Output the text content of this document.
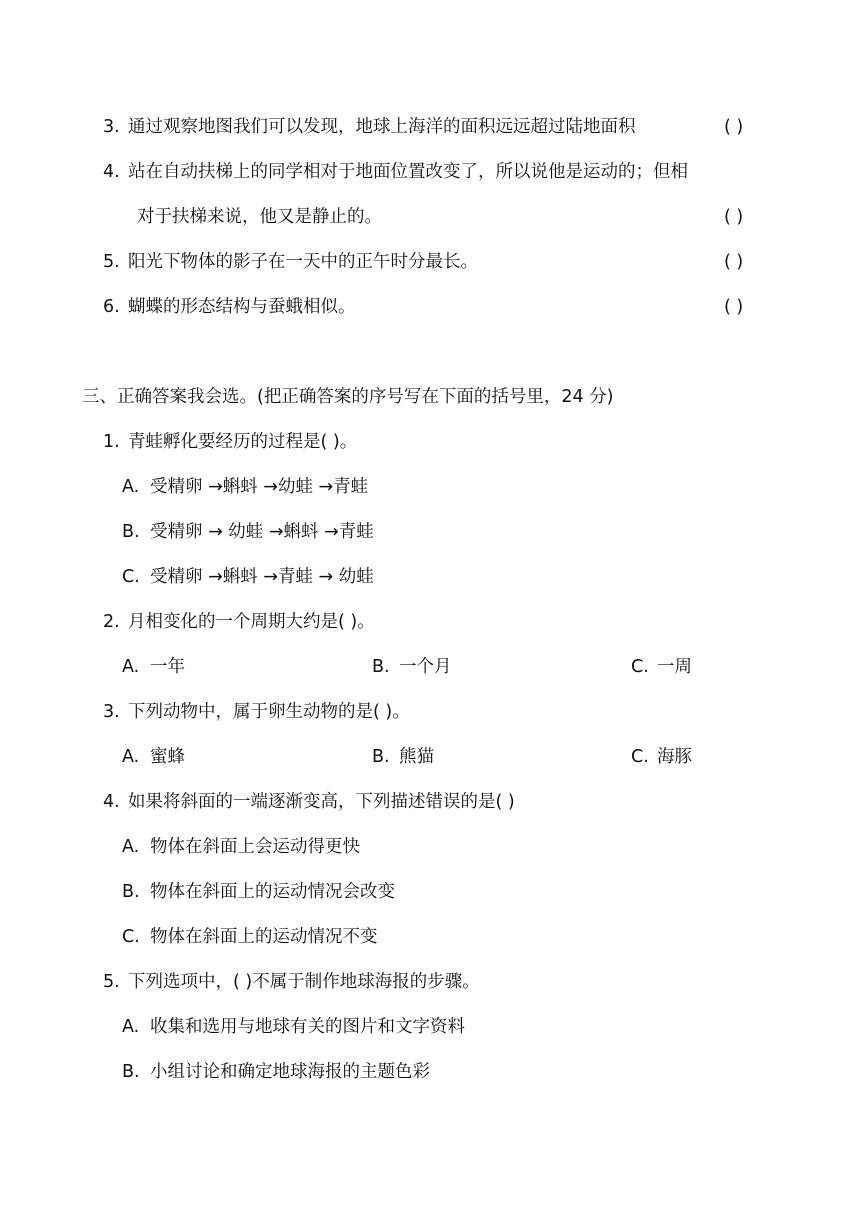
3. 通过观察地图我们可以发现，地球上海洋的面积远远超过陆地面积	( )
4. 站在自动扶梯上的同学相对于地面位置改变了，所以说他是运动的；但相
对于扶梯来说，他又是静止的。	( )
5. 阳光下物体的影子在一天中的正午时分最长。	( )
6. 蝴蝶的形态结构与蚕蛾相似。	( )
三、正确答案我会选。(把正确答案的序号写在下面的括号里，24 分)
1. 青蛙孵化要经历的过程是( )。
A. 受精卵 →蝌蚪 →幼蛙 →青蛙
B. 受精卵 → 幼蛙 →蝌蚪 →青蛙
C. 受精卵 →蝌蚪 →青蛙 → 幼蛙
2. 月相变化的一个周期大约是( )。
A. 一年	B. 一个月	C. 一周
3. 下列动物中，属于卵生动物的是( )。
A. 蜜蜂	B. 熊猫	C. 海豚
4. 如果将斜面的一端逐渐变高，下列描述错误的是( )
A. 物体在斜面上会运动得更快
B. 物体在斜面上的运动情况会改变
C. 物体在斜面上的运动情况不变
5. 下列选项中，( )不属于制作地球海报的步骤。
A. 收集和选用与地球有关的图片和文字资料
B. 小组讨论和确定地球海报的主题色彩
